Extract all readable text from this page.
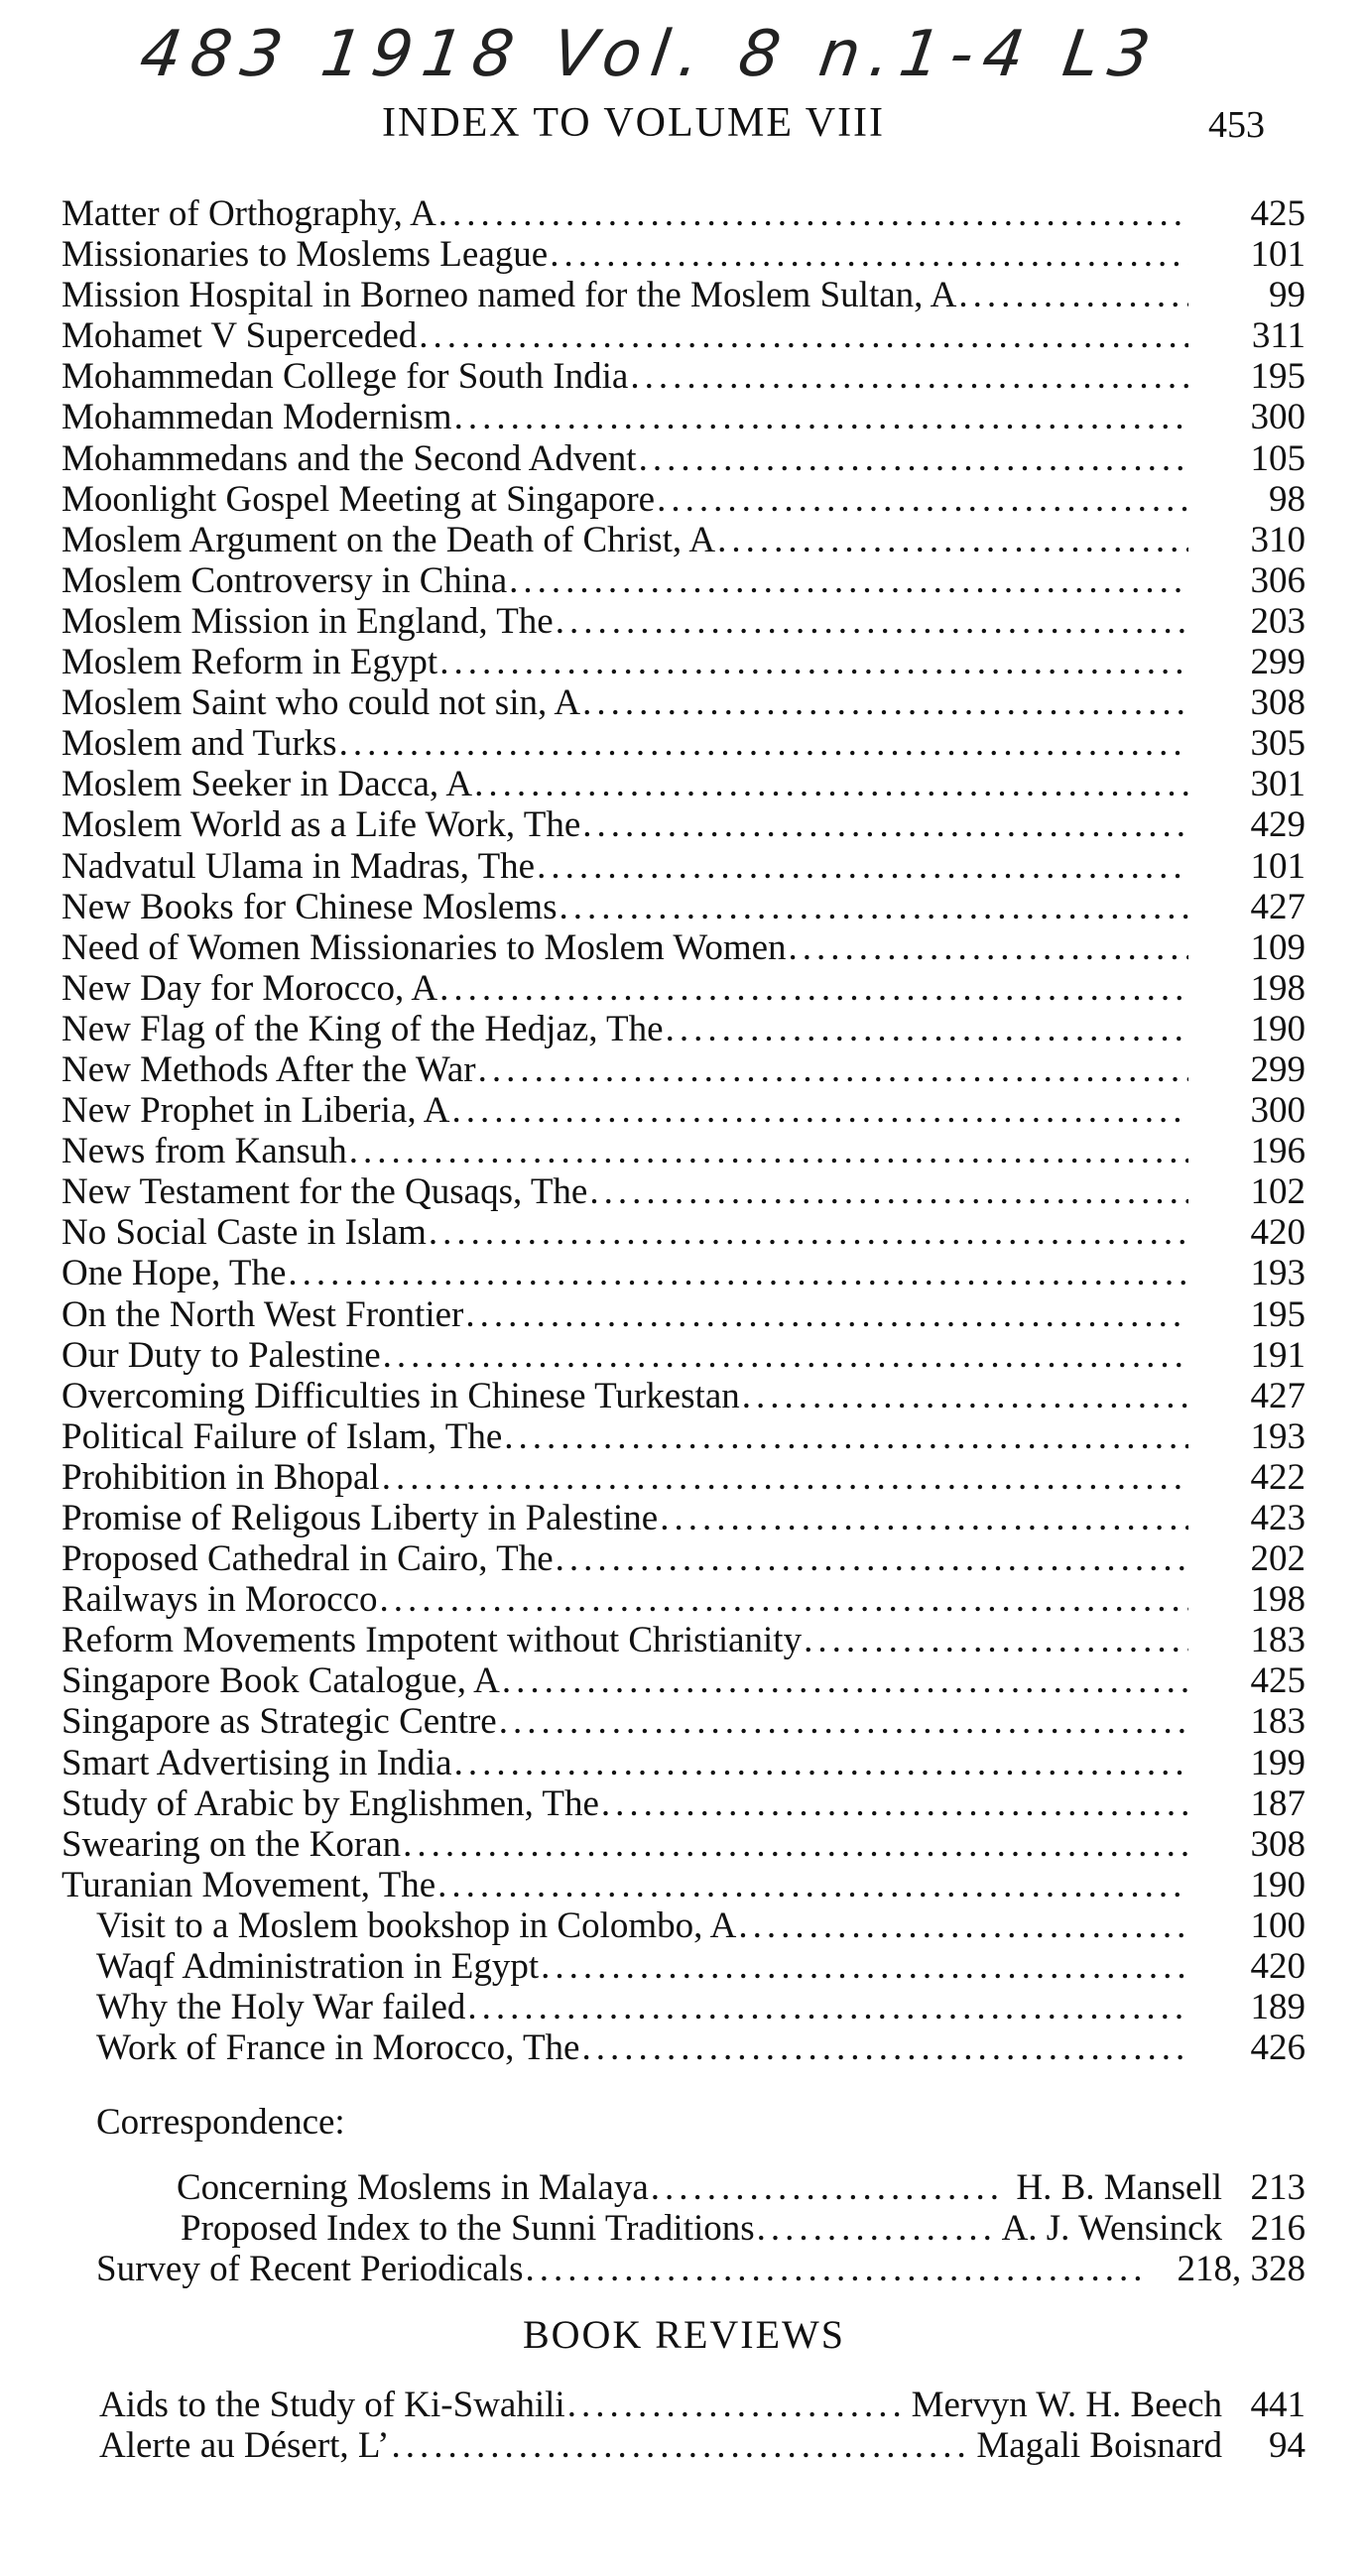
483 1918 Vol. 8 n.1-4 L3
INDEX TO VOLUME VIII	453
Matter of Orthography, A .....	425
Missionaries to Moslems League .....	101
Mission Hospital in Borneo named for the Moslem Sultan, A .....	99
Mohamet V Superceded .....	311
Mohammedan College for South India .....	195
Mohammedan Modernism .....	300
Mohammedans and the Second Advent .....	105
Moonlight Gospel Meeting at Singapore .....	98
Moslem Argument on the Death of Christ, A .....	310
Moslem Controversy in China .....	306
Moslem Mission in England, The .....	203
Moslem Reform in Egypt .....	299
Moslem Saint who could not sin, A .....	308
Moslem and Turks .....	305
Moslem Seeker in Dacca, A .....	301
Moslem World as a Life Work, The .....	429
Nadvatul Ulama in Madras, The .....	101
New Books for Chinese Moslems .....	427
Need of Women Missionaries to Moslem Women .....	109
New Day for Morocco, A .....	198
New Flag of the King of the Hedjaz, The .....	190
New Methods After the War .....	299
New Prophet in Liberia, A .....	300
News from Kansuh .....	196
New Testament for the Qusaqs, The .....	102
No Social Caste in Islam .....	420
One Hope, The .....	193
On the North West Frontier .....	195
Our Duty to Palestine .....	191
Overcoming Difficulties in Chinese Turkestan .....	427
Political Failure of Islam, The .....	193
Prohibition in Bhopal .....	422
Promise of Religous Liberty in Palestine .....	423
Proposed Cathedral in Cairo, The .....	202
Railways in Morocco .....	198
Reform Movements Impotent without Christianity .....	183
Singapore Book Catalogue, A .....	425
Singapore as Strategic Centre .....	183
Smart Advertising in India .....	199
Study of Arabic by Englishmen, The .....	187
Swearing on the Koran .....	308
Turanian Movement, The .....	190
Visit to a Moslem bookshop in Colombo, A .....	100
Waqf Administration in Egypt .....	420
Why the Holy War failed .....	189
Work of France in Morocco, The .....	426
Correspondence:
Concerning Moslems in Malaya .....	H. B. Mansell 213
Proposed Index to the Sunni Traditions .....	A. J. Wensinck 216
Survey of Recent Periodicals .....	218, 328
BOOK REVIEWS
Aids to the Study of Ki-Swahili .....	Mervyn W. H. Beech 441
Alerte au Désert, L’ .....	Magali Boisnard	94
